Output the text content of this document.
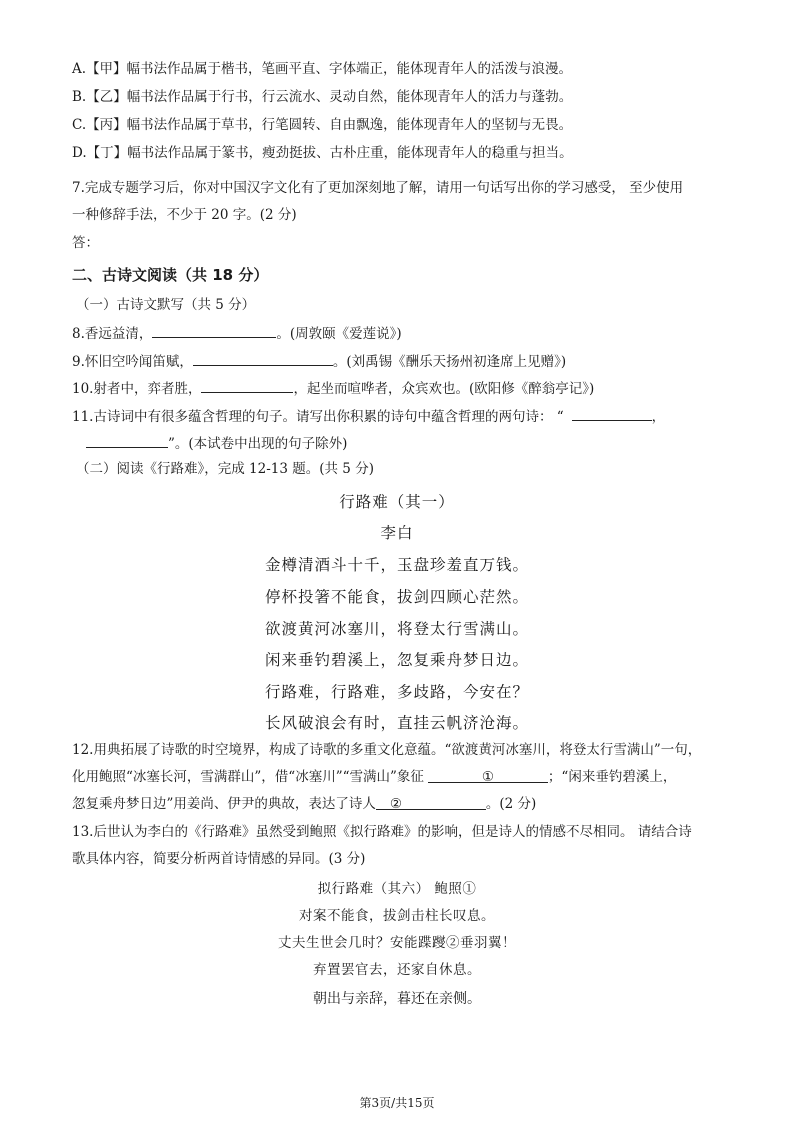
A.【甲】幅书法作品属于楷书，笔画平直、字体端正，能体现青年人的活泼与浪漫。
B.【乙】幅书法作品属于行书，行云流水、灵动自然，能体现青年人的活力与蓬勃。
C.【丙】幅书法作品属于草书，行笔圆转、自由飘逸，能体现青年人的坚韧与无畏。
D.【丁】幅书法作品属于篆书，瘦劲挺拔、古朴庄重，能体现青年人的稳重与担当。
7.完成专题学习后，你对中国汉字文化有了更加深刻地了解，请用一句话写出你的学习感受， 至少使用
一种修辞手法，不少于 20 字。(2 分)
答：
二、古诗文阅读（共 18 分）
（一）古诗文默写（共 5 分）
8.香远益清，	。(周敦颐《爱莲说》)
9.怀旧空吟闻笛赋，	。(刘禹锡《酬乐天扬州初逢席上见赠》)
10.射者中，弈者胜，	，起坐而喧哗者，众宾欢也。(欧阳修《醉翁亭记》)
11.古诗词中有很多蕴含哲理的句子。请写出你积累的诗句中蕴含哲理的两句诗： “	，
”。(本试卷中出现的句子除外)
（二）阅读《行路难》，完成 12-13 题。(共 5 分)
行路难（其一）
李白
金樽清酒斗十千，玉盘珍羞直万钱。
停杯投箸不能食，拔剑四顾心茫然。
欲渡黄河冰塞川，将登太行雪满山。
闲来垂钓碧溪上，忽复乘舟梦日边。
行路难，行路难，多歧路，今安在？
长风破浪会有时，直挂云帆济沧海。
12.用典拓展了诗歌的时空境界，构成了诗歌的多重文化意蕴。“欲渡黄河冰塞川，将登太行雪满山”一句，
化用鲍照“冰塞长河，雪满群山”，借“冰塞川”“雪满山”象征	①	；“闲来垂钓碧溪上，
忽复乘舟梦日边”用姜尚、伊尹的典故，表达了诗人 ②	。(2 分)
13.后世认为李白的《行路难》虽然受到鲍照《拟行路难》的影响，但是诗人的情感不尽相同。 请结合诗
歌具体内容，简要分析两首诗情感的异同。(3 分)
拟行路难（其六） 鲍照①
对案不能食，拔剑击柱长叹息。
丈夫生世会几时？安能蹀躞②垂羽翼！
弃置罢官去，还家自休息。
朝出与亲辞，暮还在亲侧。
第3页/共15页
